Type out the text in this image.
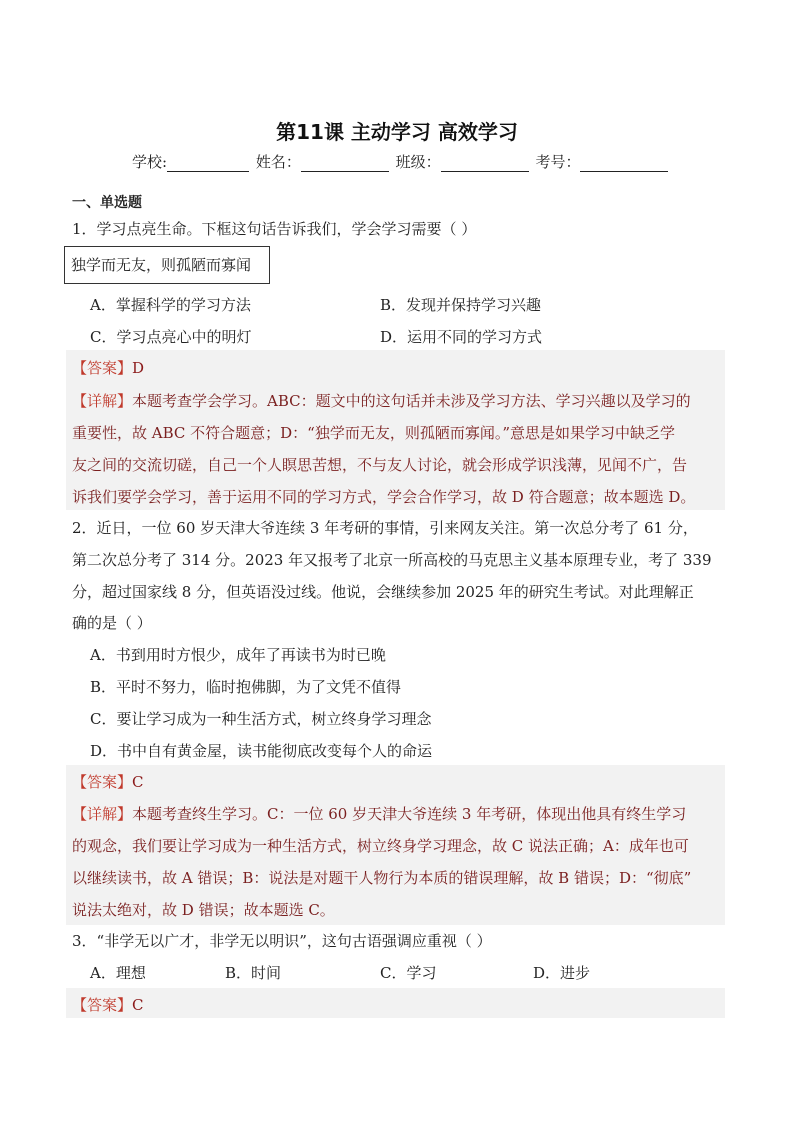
第11课 主动学习 高效学习
学校:	姓名：	班级：	考号：
一、单选题
1．学习点亮生命。下框这句话告诉我们，学会学习需要（ ）
独学而无友，则孤陋而寡闻
A．掌握科学的学习方法	B．发现并保持学习兴趣
C．学习点亮心中的明灯	D．运用不同的学习方式
【答案】D
【详解】本题考查学会学习。ABC：题文中的这句话并未涉及学习方法、学习兴趣以及学习的
重要性，故 ABC 不符合题意；D：“独学而无友，则孤陋而寡闻。”意思是如果学习中缺乏学
友之间的交流切磋，自己一个人瞑思苦想，不与友人讨论，就会形成学识浅薄，见闻不广，告
诉我们要学会学习，善于运用不同的学习方式，学会合作学习，故 D 符合题意；故本题选 D。
2．近日，一位 60 岁天津大爷连续 3 年考研的事情，引来网友关注。第一次总分考了 61 分，
第二次总分考了 314 分。2023 年又报考了北京一所高校的马克思主义基本原理专业，考了 339
分，超过国家线 8 分，但英语没过线。他说，会继续参加 2025 年的研究生考试。对此理解正
确的是（ ）
A．书到用时方恨少，成年了再读书为时已晚
B．平时不努力，临时抱佛脚，为了文凭不值得
C．要让学习成为一种生活方式，树立终身学习理念
D．书中自有黄金屋，读书能彻底改变每个人的命运
【答案】C
【详解】本题考查终生学习。C：一位 60 岁天津大爷连续 3 年考研，体现出他具有终生学习
的观念，我们要让学习成为一种生活方式，树立终身学习理念，故 C 说法正确；A：成年也可
以继续读书，故 A 错误；B：说法是对题干人物行为本质的错误理解，故 B 错误；D：“彻底”
说法太绝对，故 D 错误；故本题选 C。
3．“非学无以广才，非学无以明识”，这句古语强调应重视（ ）
A．理想	B．时间	C．学习	D．进步
【答案】C
